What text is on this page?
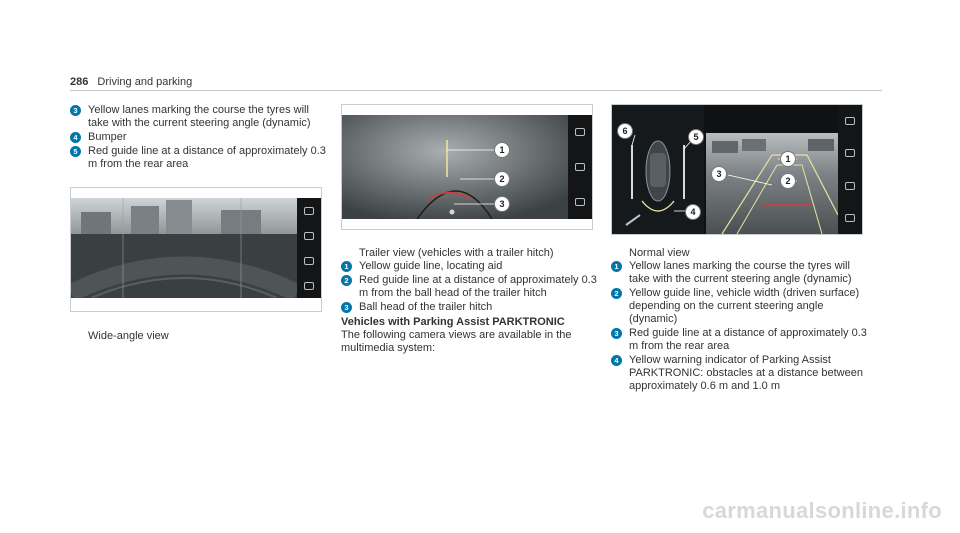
286 Driving and parking
3 Yellow lanes marking the course the tyres will take with the current steering angle (dynamic)
4 Bumper
5 Red guide line at a distance of approximately 0.3 m from the rear area
Wide-angle view
1
2
3
Trailer view (vehicles with a trailer hitch)
1 Yellow guide line, locating aid
2 Red guide line at a distance of approximately 0.3 m from the ball head of the trailer hitch
3 Ball head of the trailer hitch
Vehicles with Parking Assist PARKTRONIC
The following camera views are available in the multimedia system:
6
5
1
3
2
4
Normal view
1 Yellow lanes marking the course the tyres will take with the current steering angle (dynamic)
2 Yellow guide line, vehicle width (driven surface) depending on the current steering angle (dynamic)
3 Red guide line at a distance of approximately 0.3 m from the rear area
4 Yellow warning indicator of Parking Assist PARKTRONIC: obstacles at a distance between approximately 0.6 m and 1.0 m
carmanualsonline.info
